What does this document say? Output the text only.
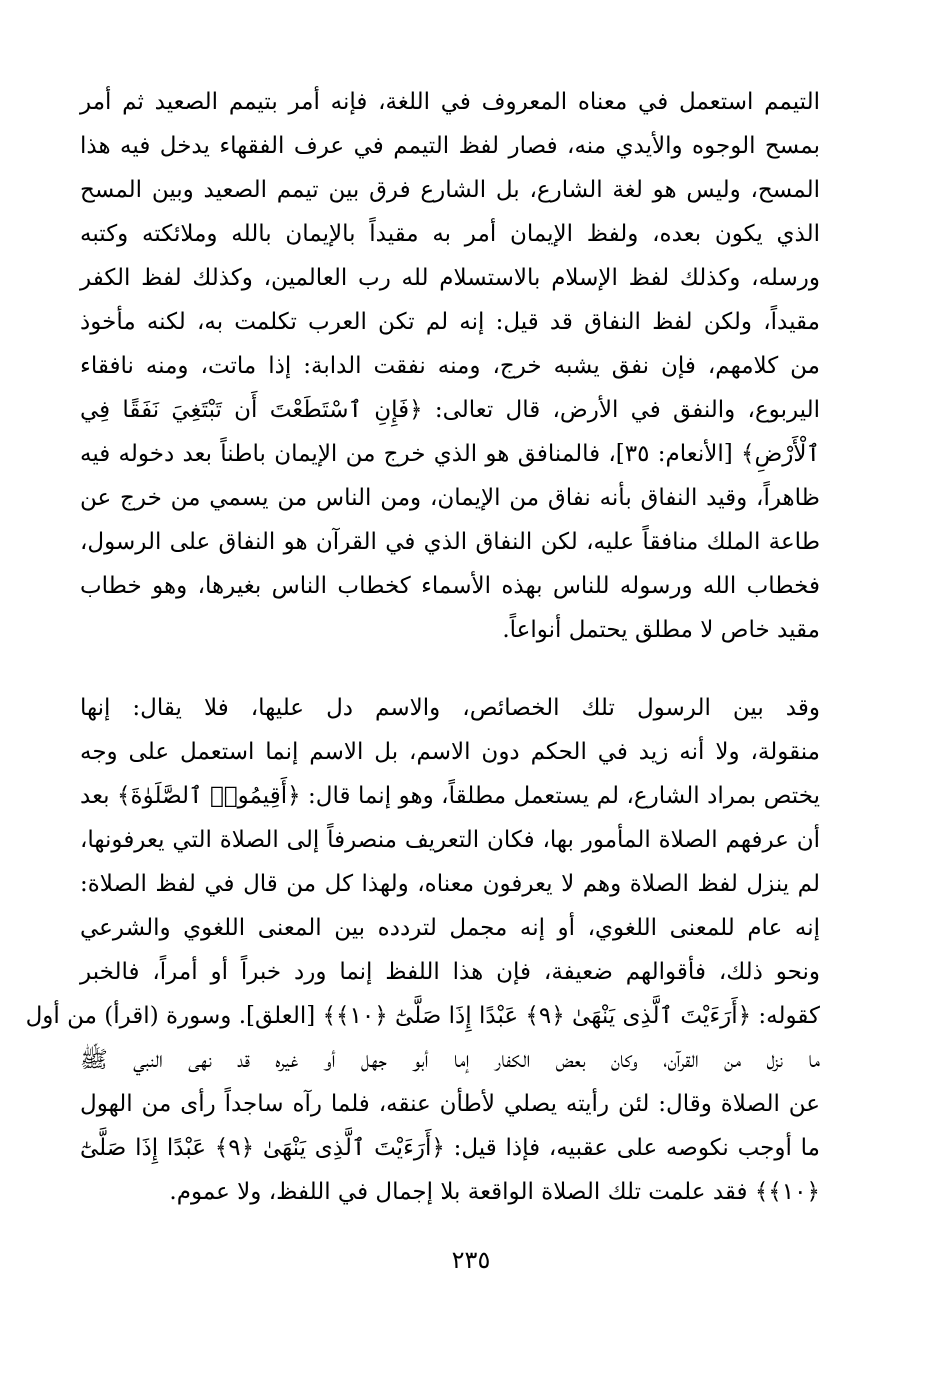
التيمم استعمل في معناه المعروف في اللغة، فإنه أمر بتيمم الصعيد ثم أمر
بمسح الوجوه والأيدي منه، فصار لفظ التيمم في عرف الفقهاء يدخل فيه هذا
المسح، وليس هو لغة الشارع، بل الشارع فرق بين تيمم الصعيد وبين المسح
الذي يكون بعده، ولفظ الإيمان أمر به مقيداً بالإيمان بالله وملائكته وكتبه
ورسله، وكذلك لفظ الإسلام بالاستسلام لله رب العالمين، وكذلك لفظ الكفر
مقيداً، ولكن لفظ النفاق قد قيل: إنه لم تكن العرب تكلمت به، لكنه مأخوذ
من كلامهم، فإن نفق يشبه خرج، ومنه نفقت الدابة: إذا ماتت، ومنه نافقاء
اليربوع، والنفق في الأرض، قال تعالى: ﴿فَإِنِ ٱسْتَطَعْتَ أَن تَبْتَغِيَ نَفَقًا فِي
ٱلْأَرْضِ﴾ [الأنعام: ٣٥]، فالمنافق هو الذي خرج من الإيمان باطناً بعد دخوله فيه
ظاهراً، وقيد النفاق بأنه نفاق من الإيمان، ومن الناس من يسمي من خرج عن
طاعة الملك منافقاً عليه، لكن النفاق الذي في القرآن هو النفاق على الرسول،
فخطاب الله ورسوله للناس بهذه الأسماء كخطاب الناس بغيرها، وهو خطاب
مقيد خاص لا مطلق يحتمل أنواعاً.
وقد بين الرسول تلك الخصائص، والاسم دل عليها، فلا يقال: إنها
منقولة، ولا أنه زيد في الحكم دون الاسم، بل الاسم إنما استعمل على وجه
يختص بمراد الشارع، لم يستعمل مطلقاً، وهو إنما قال: ﴿أَقِيمُوا۟ ٱلصَّلَوٰةَ﴾ بعد
أن عرفهم الصلاة المأمور بها، فكان التعريف منصرفاً إلى الصلاة التي يعرفونها،
لم ينزل لفظ الصلاة وهم لا يعرفون معناه، ولهذا كل من قال في لفظ الصلاة:
إنه عام للمعنى اللغوي، أو إنه مجمل لتردده بين المعنى اللغوي والشرعي
ونحو ذلك، فأقوالهم ضعيفة، فإن هذا اللفظ إنما ورد خبراً أو أمراً، فالخبر
كقوله: ﴿أَرَءَيْتَ ٱلَّذِى يَنْهَىٰ ﴿٩﴾ عَبْدًا إِذَا صَلَّىٰٓ ﴿١٠﴾﴾ [العلق]. وسورة (اقرأ) من أول
ما نزل من القرآن، وكان بعض الكفار إما أبو جهل أو غيره قد نهى النبي ﷺ
عن الصلاة وقال: لئن رأيته يصلي لأطأن عنقه، فلما رآه ساجداً رأى من الهول
ما أوجب نكوصه على عقبيه، فإذا قيل: ﴿أَرَءَيْتَ ٱلَّذِى يَنْهَىٰ ﴿٩﴾ عَبْدًا إِذَا صَلَّىٰٓ
﴿١٠﴾﴾ فقد علمت تلك الصلاة الواقعة بلا إجمال في اللفظ، ولا عموم.
٢٣٥
